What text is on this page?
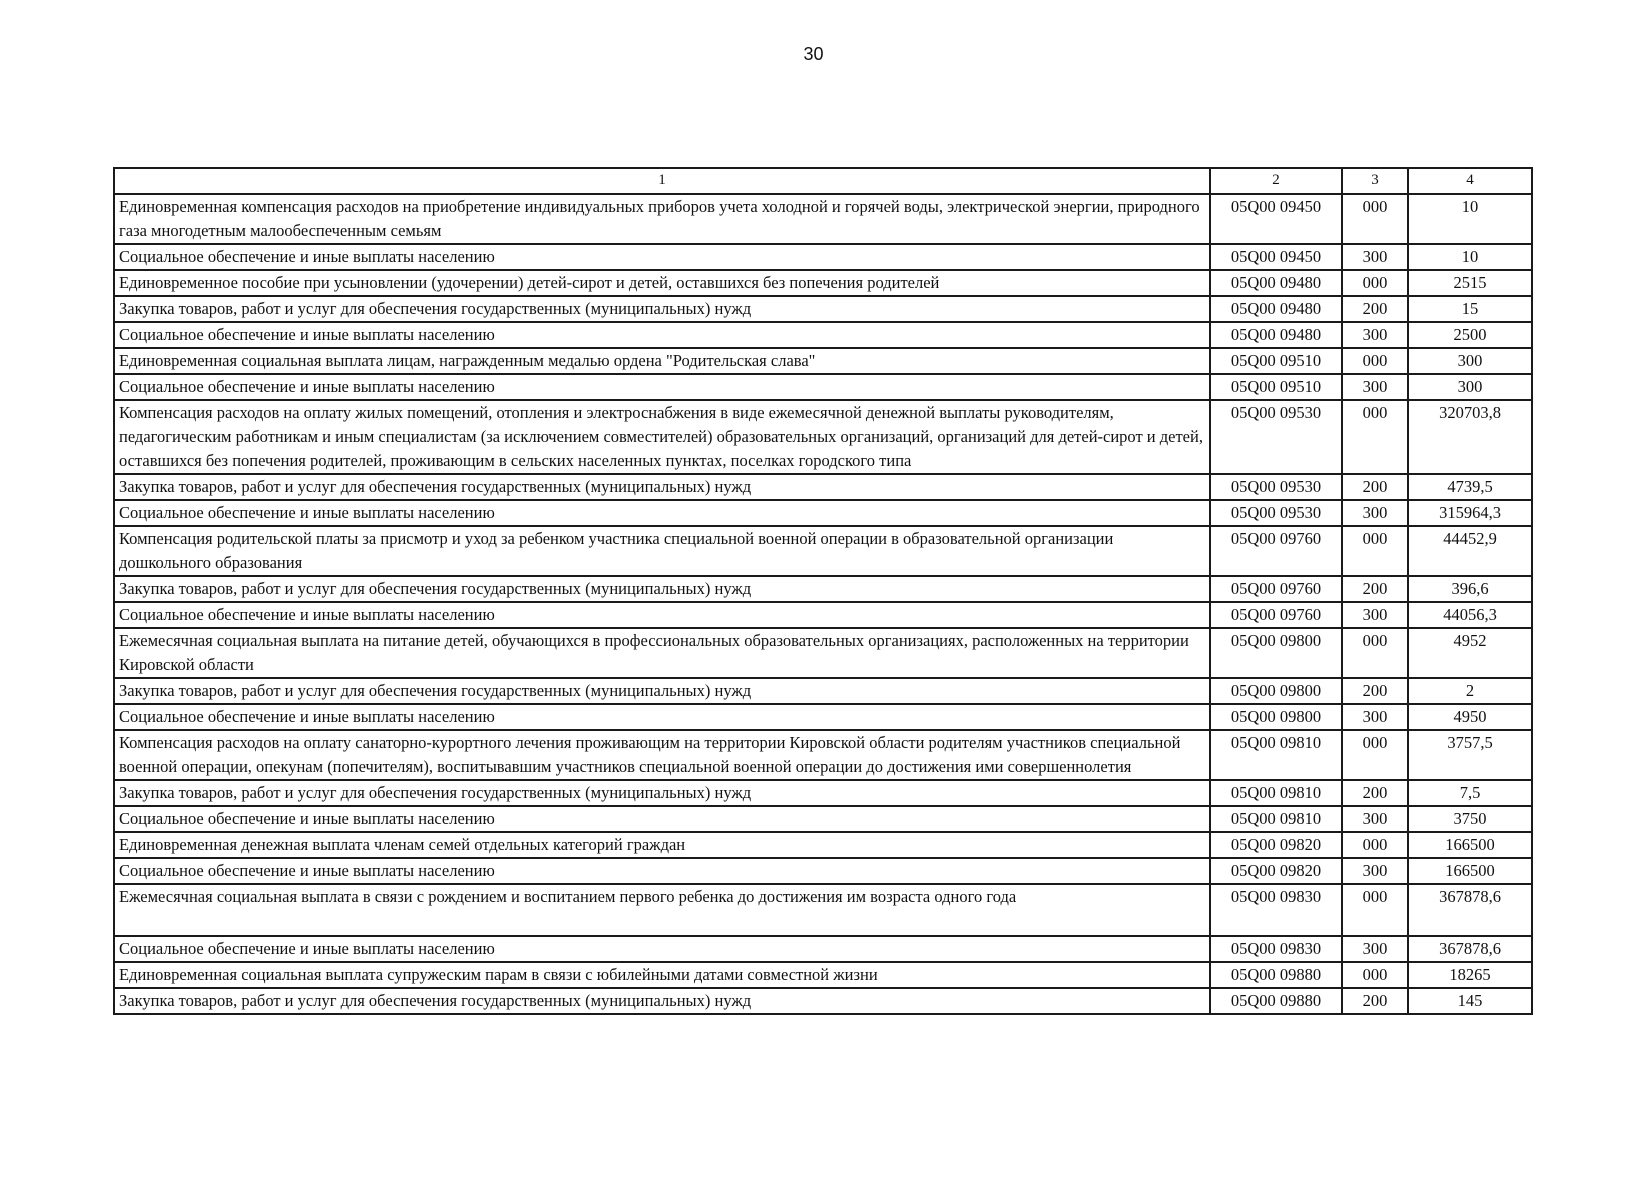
30
1	2	3	4
Единовременная компенсация расходов на приобретение индивидуальных приборов учета холодной и горячей воды, электрической энергии, природного газа многодетным малообеспеченным семьям	05Q00 09450	000	10
Социальное обеспечение и иные выплаты населению	05Q00 09450	300	10
Единовременное пособие при усыновлении (удочерении) детей-сирот и детей, оставшихся без попечения родителей	05Q00 09480	000	2515
Закупка товаров, работ и услуг для обеспечения государственных (муниципальных) нужд	05Q00 09480	200	15
Социальное обеспечение и иные выплаты населению	05Q00 09480	300	2500
Единовременная социальная выплата лицам, награжденным медалью ордена "Родительская слава"	05Q00 09510	000	300
Социальное обеспечение и иные выплаты населению	05Q00 09510	300	300
Компенсация расходов на оплату жилых помещений, отопления и электроснабжения в виде ежемесячной денежной выплаты руководителям, педагогическим работникам и иным специалистам (за исключением совместителей) образовательных организаций, организаций для детей-сирот и детей, оставшихся без попечения родителей, проживающим в сельских населенных пунктах, поселках городского типа	05Q00 09530	000	320703,8
Закупка товаров, работ и услуг для обеспечения государственных (муниципальных) нужд	05Q00 09530	200	4739,5
Социальное обеспечение и иные выплаты населению	05Q00 09530	300	315964,3
Компенсация родительской платы за присмотр и уход за ребенком участника специальной военной операции в образовательной организации дошкольного образования	05Q00 09760	000	44452,9
Закупка товаров, работ и услуг для обеспечения государственных (муниципальных) нужд	05Q00 09760	200	396,6
Социальное обеспечение и иные выплаты населению	05Q00 09760	300	44056,3
Ежемесячная социальная выплата на питание детей, обучающихся в профессиональных образовательных организациях, расположенных на территории Кировской области	05Q00 09800	000	4952
Закупка товаров, работ и услуг для обеспечения государственных (муниципальных) нужд	05Q00 09800	200	2
Социальное обеспечение и иные выплаты населению	05Q00 09800	300	4950
Компенсация расходов на оплату санаторно-курортного лечения проживающим на территории Кировской области родителям участников специальной военной операции, опекунам (попечителям), воспитывавшим участников специальной военной операции до достижения ими совершеннолетия	05Q00 09810	000	3757,5
Закупка товаров, работ и услуг для обеспечения государственных (муниципальных) нужд	05Q00 09810	200	7,5
Социальное обеспечение и иные выплаты населению	05Q00 09810	300	3750
Единовременная денежная выплата членам семей отдельных категорий граждан	05Q00 09820	000	166500
Социальное обеспечение и иные выплаты населению	05Q00 09820	300	166500
Ежемесячная социальная выплата в связи с рождением и воспитанием первого ребенка до достижения им возраста одного года	05Q00 09830	000	367878,6
Социальное обеспечение и иные выплаты населению	05Q00 09830	300	367878,6
Единовременная социальная выплата супружеским парам в связи с юбилейными датами совместной жизни	05Q00 09880	000	18265
Закупка товаров, работ и услуг для обеспечения государственных (муниципальных) нужд	05Q00 09880	200	145
